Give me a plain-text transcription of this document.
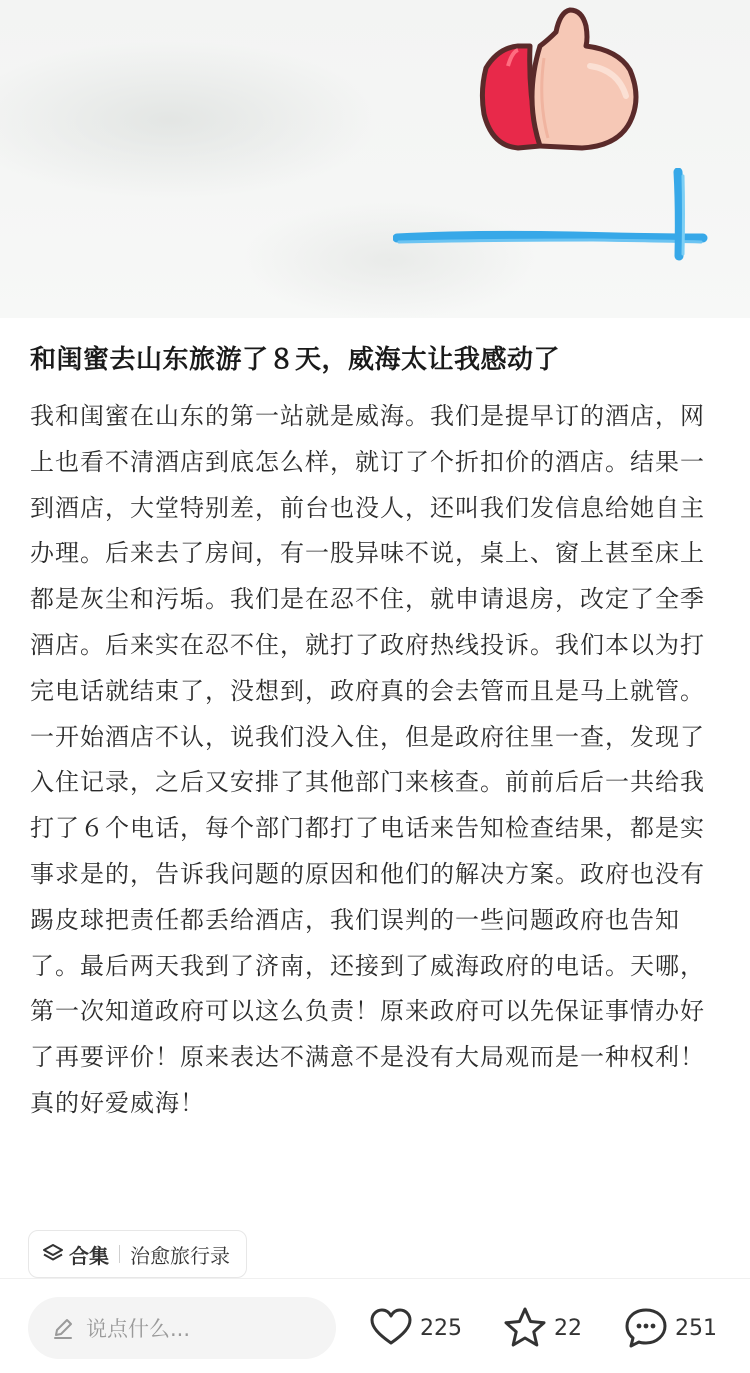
和闺蜜去山东旅游了８天，威海太让我感动了

我和闺蜜在山东的第一站就是威海。我们是提早订的酒店，网上也看不清酒店到底怎么样，就订了个折扣价的酒店。结果一到酒店，大堂特别差，前台也没人，还叫我们发信息给她自主办理。后来去了房间，有一股异味不说，桌上、窗上甚至床上都是灰尘和污垢。我们是在忍不住，就申请退房，改定了全季酒店。后来实在忍不住，就打了政府热线投诉。我们本以为打完电话就结束了，没想到，政府真的会去管而且是马上就管。一开始酒店不认，说我们没入住，但是政府往里一查，发现了入住记录，之后又安排了其他部门来核查。前前后后一共给我打了６个电话，每个部门都打了电话来告知检查结果，都是实事求是的，告诉我问题的原因和他们的解决方案。政府也没有踢皮球把责任都丢给酒店，我们误判的一些问题政府也告知了。最后两天我到了济南，还接到了威海政府的电话。天哪，第一次知道政府可以这么负责！原来政府可以先保证事情办好了再要评价！原来表达不满意不是没有大局观而是一种权利！真的好爱威海！

合集 治愈旅行录
说点什么...	225	22	251
